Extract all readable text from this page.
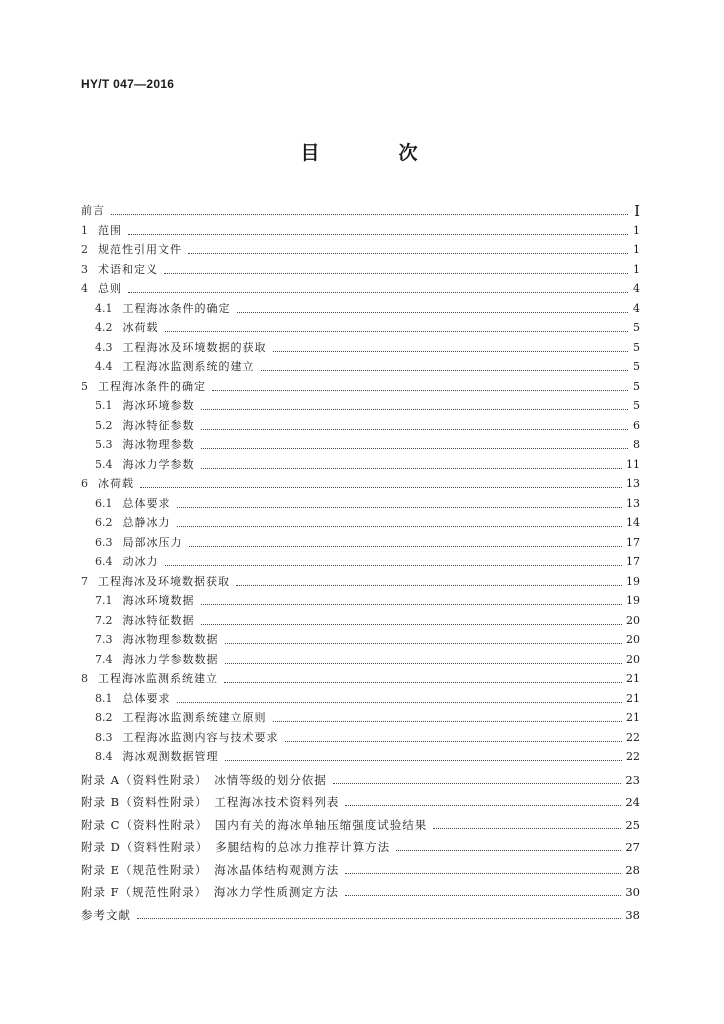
HY/T 047—2016
目　次
前言	Ⅰ
1 范围	1
2 规范性引用文件	1
3 术语和定义	1
4 总则	4
4.1 工程海冰条件的确定	4
4.2 冰荷载	5
4.3 工程海冰及环境数据的获取	5
4.4 工程海冰监测系统的建立	5
5 工程海冰条件的确定	5
5.1 海冰环境参数	5
5.2 海冰特征参数	6
5.3 海冰物理参数	8
5.4 海冰力学参数	11
6 冰荷载	13
6.1 总体要求	13
6.2 总静冰力	14
6.3 局部冰压力	17
6.4 动冰力	17
7 工程海冰及环境数据获取	19
7.1 海冰环境数据	19
7.2 海冰特征数据	20
7.3 海冰物理参数数据	20
7.4 海冰力学参数数据	20
8 工程海冰监测系统建立	21
8.1 总体要求	21
8.2 工程海冰监测系统建立原则	21
8.3 工程海冰监测内容与技术要求	22
8.4 海冰观测数据管理	22
附录 A（资料性附录）　冰情等级的划分依据	23
附录 B（资料性附录）　工程海冰技术资料列表	24
附录 C（资料性附录）　国内有关的海冰单轴压缩强度试验结果	25
附录 D（资料性附录）　多腿结构的总冰力推荐计算方法	27
附录 E（规范性附录）　海冰晶体结构观测方法	28
附录 F（规范性附录）　海冰力学性质测定方法	30
参考文献	38
